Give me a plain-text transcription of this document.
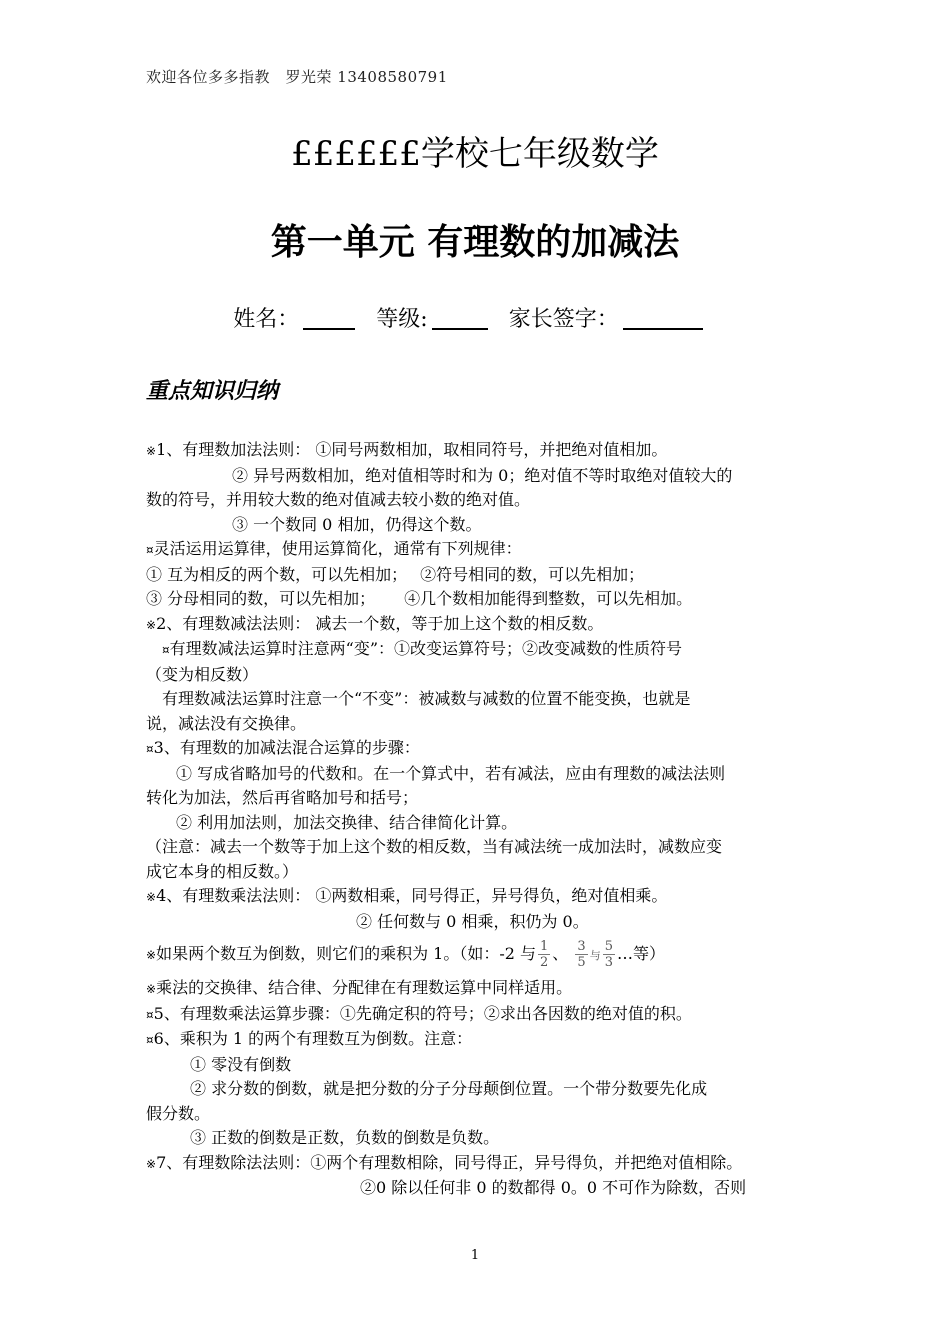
欢迎各位多多指教　罗光荣 13408580791
££££££学校七年级数学
第一单元 有理数的加减法
姓名：	等级:	家长签字：
重点知识归纳

※1、有理数加法法则： ①同号两数相加，取相同符号，并把绝对值相加。

② 异号两数相加，绝对值相等时和为 0；绝对值不等时取绝对值较大的

数的符号，并用较大数的绝对值减去较小数的绝对值。

③ 一个数同 0 相加，仍得这个数。

¤灵活运用运算律，使用运算简化，通常有下列规律：

① 互为相反的两个数，可以先相加；　 ②符号相同的数，可以先相加；

③ 分母相同的数，可以先相加；　　 ④几个数相加能得到整数，可以先相加。

※2、有理数减法法则： 减去一个数，等于加上这个数的相反数。

¤有理数减法运算时注意两“变”：①改变运算符号；②改变减数的性质符号

（变为相反数）

有理数减法运算时注意一个“不变”：被减数与减数的位置不能变换，也就是

说，减法没有交换律。

¤3、有理数的加减法混合运算的步骤：

① 写成省略加号的代数和。在一个算式中，若有减法，应由有理数的减法法则

转化为加法，然后再省略加号和括号；

② 利用加法则，加法交换律、结合律简化计算。

（注意：减去一个数等于加上这个数的相反数，当有减法统一成加法时，减数应变

成它本身的相反数。）

※4、有理数乘法法则： ①两数相乘，同号得正，异号得负，绝对值相乘。

② 任何数与 0 相乘，积仍为 0。

※如果两个数互为倒数，则它们的乘积为 1。（如：-2 与 $\frac{1}{2}$ 、 $\frac{3}{5}$ 与 $\frac{5}{3}$ …等）

※乘法的交换律、结合律、分配律在有理数运算中同样适用。

¤5、有理数乘法运算步骤：①先确定积的符号；②求出各因数的绝对值的积。

¤6、乘积为 1 的两个有理数互为倒数。注意：

① 零没有倒数

② 求分数的倒数，就是把分数的分子分母颠倒位置。一个带分数要先化成

假分数。

③ 正数的倒数是正数，负数的倒数是负数。

※7、有理数除法法则：①两个有理数相除，同号得正，异号得负，并把绝对值相除。

②0 除以任何非 0 的数都得 0。0 不可作为除数，否则

1
